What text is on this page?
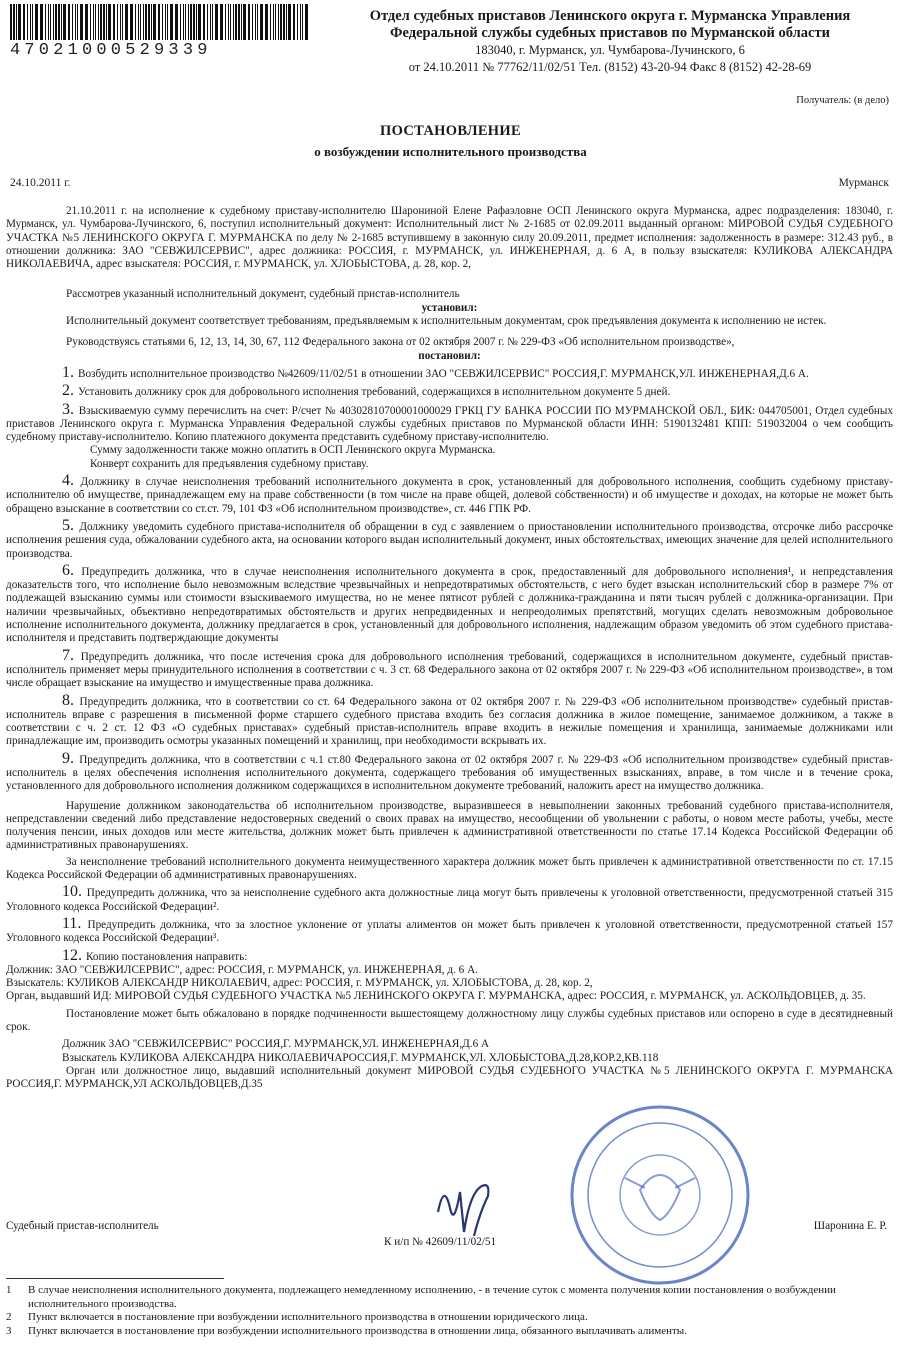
47021000529339
Отдел судебных приставов Ленинского округа г. Мурманска Управления
Федеральной службы судебных приставов по Мурманской области
183040, г. Мурманск, ул. Чумбарова-Лучинского, 6
от 24.10.2011 № 77762/11/02/51 Тел. (8152) 43-20-94 Факс 8 (8152) 42-28-69
Получатель: (в дело)
ПОСТАНОВЛЕНИЕ
о возбуждении исполнительного производства
24.10.2011 г.	Мурманск
21.10.2011 г. на исполнение к судебному приставу-исполнителю Шарониной Елене Рафаэловне ОСП Ленинского округа Мурманска, адрес подразделения: 183040, г. Мурманск, ул. Чумбарова-Лучинского, 6, поступил исполнительный документ: Исполнительный лист № 2-1685 от 02.09.2011 выданный органом: МИРОВОЙ СУДЬЯ СУДЕБНОГО УЧАСТКА №5 ЛЕНИНСКОГО ОКРУГА Г. МУРМАНСКА по делу № 2-1685 вступившему в законную силу 20.09.2011, предмет исполнения: задолженность в размере: 312.43 руб., в отношении должника: ЗАО "СЕВЖИЛСЕРВИС", адрес должника: РОССИЯ, г. МУРМАНСК, ул. ИНЖЕНЕРНАЯ, д. 6 А, в пользу взыскателя: КУЛИКОВА АЛЕКСАНДРА НИКОЛАЕВИЧА, адрес взыскателя: РОССИЯ, г. МУРМАНСК, ул. ХЛОБЫСТОВА, д. 28, кор. 2,
Рассмотрев указанный исполнительный документ, судебный пристав-исполнитель
установил:
Исполнительный документ соответствует требованиям, предъявляемым к исполнительным документам, срок предъявления документа к исполнению не истек.
Руководствуясь статьями 6, 12, 13, 14, 30, 67, 112 Федерального закона от 02 октября 2007 г. № 229-ФЗ «Об исполнительном производстве»,
постановил:
1. Возбудить исполнительное производство №42609/11/02/51 в отношении ЗАО "СЕВЖИЛСЕРВИС" РОССИЯ,Г. МУРМАНСК,УЛ. ИНЖЕНЕРНАЯ,Д.6 А.
2. Установить должнику срок для добровольного исполнения требований, содержащихся в исполнительном документе 5 дней.
3. Взыскиваемую сумму перечислить на счет: Р/счет № 40302810700001000029 ГРКЦ ГУ БАНКА РОССИИ ПО МУРМАНСКОЙ ОБЛ., БИК: 044705001, Отдел судебных приставов Ленинского округа г. Мурманска Управления Федеральной службы судебных приставов по Мурманской области ИНН: 5190132481 КПП: 519032004 о чем сообщить судебному приставу-исполнителю. Копию платежного документа представить судебному приставу-исполнителю.
Сумму задолженности также можно оплатить в ОСП Ленинского округа Мурманска.
Конверт сохранить для предъявления судебному приставу.
4. Должнику в случае неисполнения требований исполнительного документа в срок, установленный для добровольного исполнения, сообщить судебному приставу-исполнителю об имуществе, принадлежащем ему на праве собственности (в том числе на праве общей, долевой собственности) и об имуществе и доходах, на которые не может быть обращено взыскание в соответствии со ст.ст. 79, 101 ФЗ «Об исполнительном производстве», ст. 446 ГПК РФ.
5. Должнику уведомить судебного пристава-исполнителя об обращении в суд с заявлением о приостановлении исполнительного производства, отсрочке либо рассрочке исполнения решения суда, обжаловании судебного акта, на основании которого выдан исполнительный документ, иных обстоятельствах, имеющих значение для целей исполнительного производства.
6. Предупредить должника, что в случае неисполнения исполнительного документа в срок, предоставленный для добровольного исполнения¹, и непредставления доказательств того, что исполнение было невозможным вследствие чрезвычайных и непредотвратимых обстоятельств, с него будет взыскан исполнительский сбор в размере 7% от подлежащей взысканию суммы или стоимости взыскиваемого имущества, но не менее пятисот рублей с должника-гражданина и пяти тысяч рублей с должника-организации. При наличии чрезвычайных, объективно непредотвратимых обстоятельств и других непредвиденных и непреодолимых препятствий, могущих сделать невозможным добровольное исполнение исполнительного документа, должнику предлагается в срок, установленный для добровольного исполнения, надлежащим образом уведомить об этом судебного пристава-исполнителя и представить подтверждающие документы
7. Предупредить должника, что после истечения срока для добровольного исполнения требований, содержащихся в исполнительном документе, судебный пристав-исполнитель применяет меры принудительного исполнения в соответствии с ч. 3 ст. 68 Федерального закона от 02 октября 2007 г. № 229-ФЗ «Об исполнительном производстве», в том числе обращает взыскание на имущество и имущественные права должника.
8. Предупредить должника, что в соответствии со ст. 64 Федерального закона от 02 октября 2007 г. № 229-ФЗ «Об исполнительном производстве» судебный пристав-исполнитель вправе с разрешения в письменной форме старшего судебного пристава входить без согласия должника в жилое помещение, занимаемое должником, а также в соответствии с ч. 2 ст. 12 ФЗ «О судебных приставах» судебный пристав-исполнитель вправе входить в нежилые помещения и хранилища, занимаемые должниками или принадлежащие им, производить осмотры указанных помещений и хранилищ, при необходимости вскрывать их.
9. Предупредить должника, что в соответствии с ч.1 ст.80 Федерального закона от 02 октября 2007 г. № 229-ФЗ «Об исполнительном производстве» судебный пристав-исполнитель в целях обеспечения исполнения исполнительного документа, содержащего требования об имущественных взысканиях, вправе, в том числе и в течение срока, установленного для добровольного исполнения должником содержащихся в исполнительном документе требований, наложить арест на имущество должника.
Нарушение должником законодательства об исполнительном производстве, выразившееся в невыполнении законных требований судебного пристава-исполнителя, непредставлении сведений либо представление недостоверных сведений о своих правах на имущество, несообщении об увольнении с работы, о новом месте работы, учебы, месте получения пенсии, иных доходов или месте жительства, должник может быть привлечен к административной ответственности по статье 17.14 Кодекса Российской Федерации об административных правонарушениях.
За неисполнение требований исполнительного документа неимущественного характера должник может быть привлечен к административной ответственности по ст. 17.15 Кодекса Российской Федерации об административных правонарушениях.
10. Предупредить должника, что за неисполнение судебного акта должностные лица могут быть привлечены к уголовной ответственности, предусмотренной статьей 315 Уголовного кодекса Российской Федерации².
11. Предупредить должника, что за злостное уклонение от уплаты алиментов он может быть привлечен к уголовной ответственности, предусмотренной статьей 157 Уголовного кодекса Российской Федерации³.
12. Копию постановления направить:
Должник: ЗАО "СЕВЖИЛСЕРВИС", адрес: РОССИЯ, г. МУРМАНСК, ул. ИНЖЕНЕРНАЯ, д. 6 А.
Взыскатель: КУЛИКОВ АЛЕКСАНДР НИКОЛАЕВИЧ, адрес: РОССИЯ, г. МУРМАНСК, ул. ХЛОБЫСТОВА, д. 28, кор. 2,
Орган, выдавший ИД: МИРОВОЙ СУДЬЯ СУДЕБНОГО УЧАСТКА №5 ЛЕНИНСКОГО ОКРУГА Г. МУРМАНСКА, адрес: РОССИЯ, г. МУРМАНСК, ул. АСКОЛЬДОВЦЕВ, д. 35.
Постановление может быть обжаловано в порядке подчиненности вышестоящему должностному лицу службы судебных приставов или оспорено в суде в десятидневный срок.
Должник ЗАО "СЕВЖИЛСЕРВИС" РОССИЯ,Г. МУРМАНСК,УЛ. ИНЖЕНЕРНАЯ,Д.6 А
Взыскатель КУЛИКОВА АЛЕКСАНДРА НИКОЛАЕВИЧАРОССИЯ,Г. МУРМАНСК,УЛ. ХЛОБЫСТОВА,Д.28,КОР.2,КВ.118
Орган или должностное лицо, выдавший исполнительный документ МИРОВОЙ СУДЬЯ СУДЕБНОГО УЧАСТКА №5 ЛЕНИНСКОГО ОКРУГА Г. МУРМАНСКА РОССИЯ,Г. МУРМАНСК,УЛ АСКОЛЬДОВЦЕВ,Д.35
Судебный пристав-исполнитель
К и/п № 42609/11/02/51
Шаронина Е. Р.
1	В случае неисполнения исполнительного документа, подлежащего немедленному исполнению, - в течение суток с момента получения копии постановления о возбуждении исполнительного производства.
2	Пункт включается в постановление при возбуждении исполнительного производства в отношении юридического лица.
3	Пункт включается в постановление при возбуждении исполнительного производства в отношении лица, обязанного выплачивать алименты.
